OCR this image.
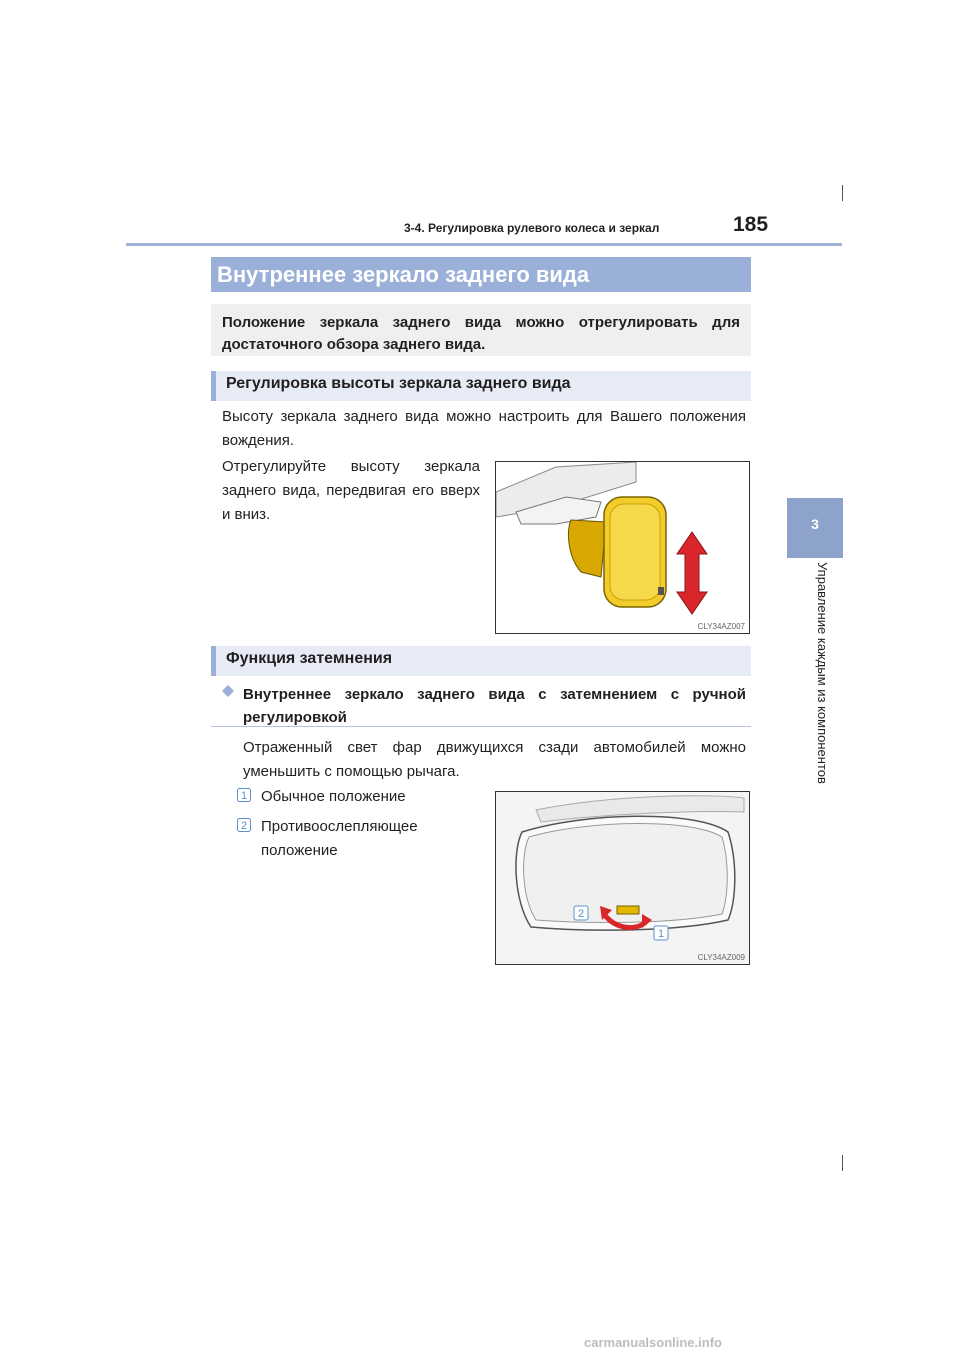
3-4. Регулировка рулевого колеса и зеркал	185
3
Управление каждым из компонентов
Внутреннее зеркало заднего вида

Положение зеркала заднего вида можно отрегулировать для достаточного обзора заднего вида.

Регулировка высоты зеркала заднего вида

Высоту зеркала заднего вида можно настроить для Вашего положения вождения.

Отрегулируйте высоту зеркала заднего вида, передвигая его вверх и вниз.

CLY34AZ007
Функция затемнения

Внутреннее зеркало заднего вида с затемнением с ручной регулировкой

Отраженный свет фар движущихся сзади автомобилей можно уменьшить с помощью рычага.

1 Обычное положение

2 Противоослепляющее положение

2
1
CLY34AZ009
carmanualsonline.info
